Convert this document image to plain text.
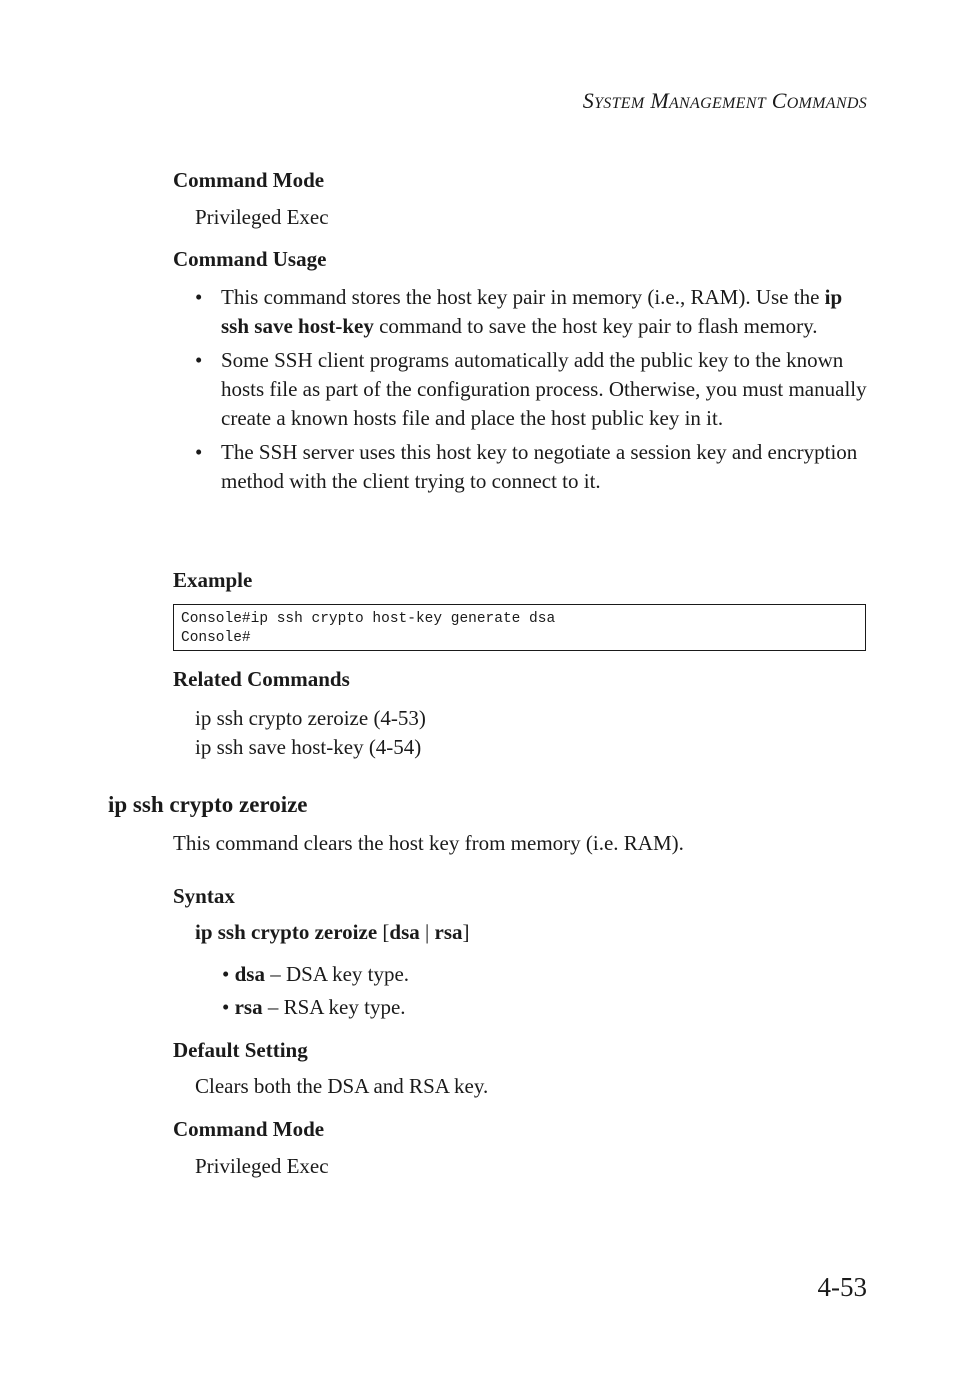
SYSTEM MANAGEMENT COMMANDS
Command Mode
Privileged Exec
Command Usage
• This command stores the host key pair in memory (i.e., RAM). Use the ip ssh save host-key command to save the host key pair to flash memory.
• Some SSH client programs automatically add the public key to the known hosts file as part of the configuration process. Otherwise, you must manually create a known hosts file and place the host public key in it.
• The SSH server uses this host key to negotiate a session key and encryption method with the client trying to connect to it.
Example
Console#ip ssh crypto host-key generate dsa
Console#
Related Commands
ip ssh crypto zeroize (4-53)
ip ssh save host-key (4-54)
ip ssh crypto zeroize
This command clears the host key from memory (i.e. RAM).
Syntax
ip ssh crypto zeroize [dsa | rsa]
• dsa – DSA key type.
• rsa – RSA key type.
Default Setting
Clears both the DSA and RSA key.
Command Mode
Privileged Exec
4-53
